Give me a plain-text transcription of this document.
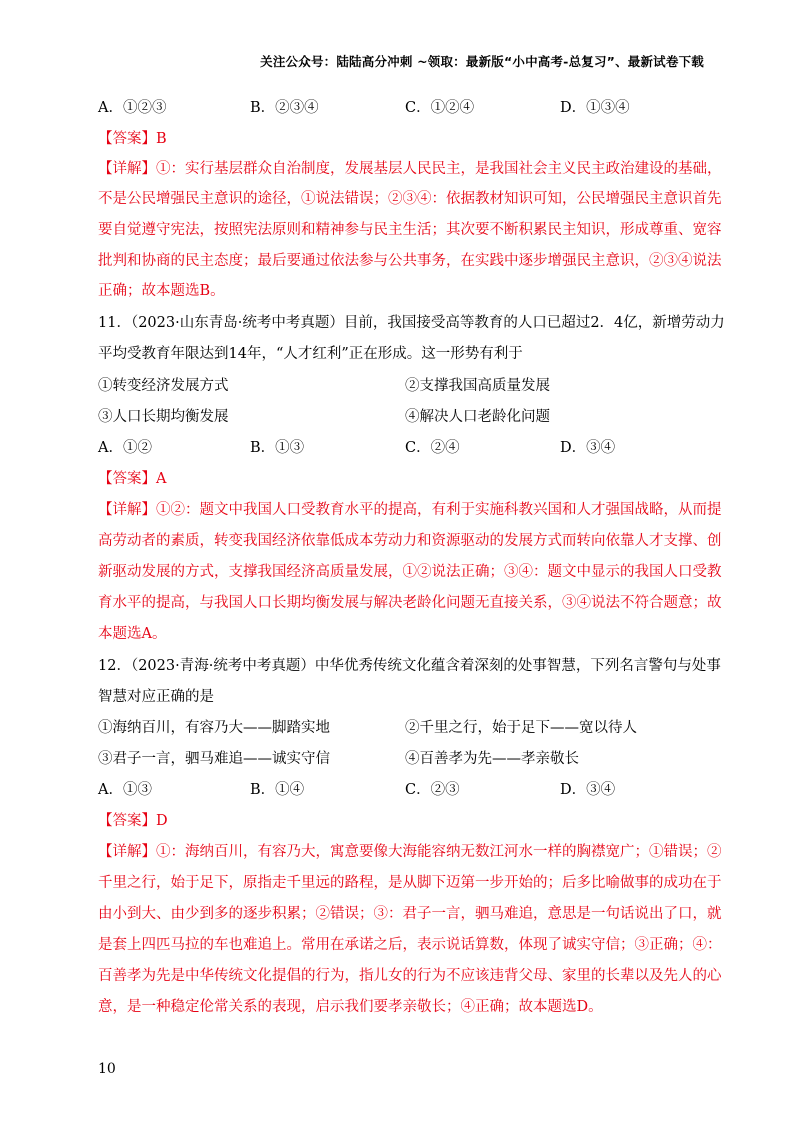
关注公众号：陆陆高分冲刺 ~领取：最新版“小中高考-总复习”、最新试卷下载
A．①②③	B．②③④	C．①②④	D．①③④
【答案】B
【详解】①：实行基层群众自治制度，发展基层人民民主，是我国社会主义民主政治建设的基础，
不是公民增强民主意识的途径，①说法错误；②③④：依据教材知识可知，公民增强民主意识首先
要自觉遵守宪法，按照宪法原则和精神参与民主生活；其次要不断积累民主知识，形成尊重、宽容
批判和协商的民主态度；最后要通过依法参与公共事务，在实践中逐步增强民主意识，②③④说法
正确；故本题选B。
11．（2023·山东青岛·统考中考真题）目前，我国接受高等教育的人口已超过2．4亿，新增劳动力
平均受教育年限达到14年，“人才红利”正在形成。这一形势有利于
①转变经济发展方式	②支撑我国高质量发展
③人口长期均衡发展	④解决人口老龄化问题
A．①②	B．①③	C．②④	D．③④
【答案】A
【详解】①②：题文中我国人口受教育水平的提高，有利于实施科教兴国和人才强国战略，从而提
高劳动者的素质，转变我国经济依靠低成本劳动力和资源驱动的发展方式而转向依靠人才支撑、创
新驱动发展的方式，支撑我国经济高质量发展，①②说法正确；③④：题文中显示的我国人口受教
育水平的提高，与我国人口长期均衡发展与解决老龄化问题无直接关系，③④说法不符合题意；故
本题选A。
12．（2023·青海·统考中考真题）中华优秀传统文化蕴含着深刻的处事智慧，下列名言警句与处事
智慧对应正确的是
①海纳百川，有容乃大——脚踏实地	②千里之行，始于足下——宽以待人
③君子一言，驷马难追——诚实守信	④百善孝为先——孝亲敬长
A．①③	B．①④	C．②③	D．③④
【答案】D
【详解】①：海纳百川，有容乃大，寓意要像大海能容纳无数江河水一样的胸襟宽广；①错误；②
千里之行，始于足下，原指走千里远的路程，是从脚下迈第一步开始的；后多比喻做事的成功在于
由小到大、由少到多的逐步积累；②错误；③：君子一言，驷马难追，意思是一句话说出了口，就
是套上四匹马拉的车也难追上。常用在承诺之后，表示说话算数，体现了诚实守信；③正确；④：
百善孝为先是中华传统文化提倡的行为，指儿女的行为不应该违背父母、家里的长辈以及先人的心
意，是一种稳定伦常关系的表现，启示我们要孝亲敬长；④正确；故本题选D。
10
